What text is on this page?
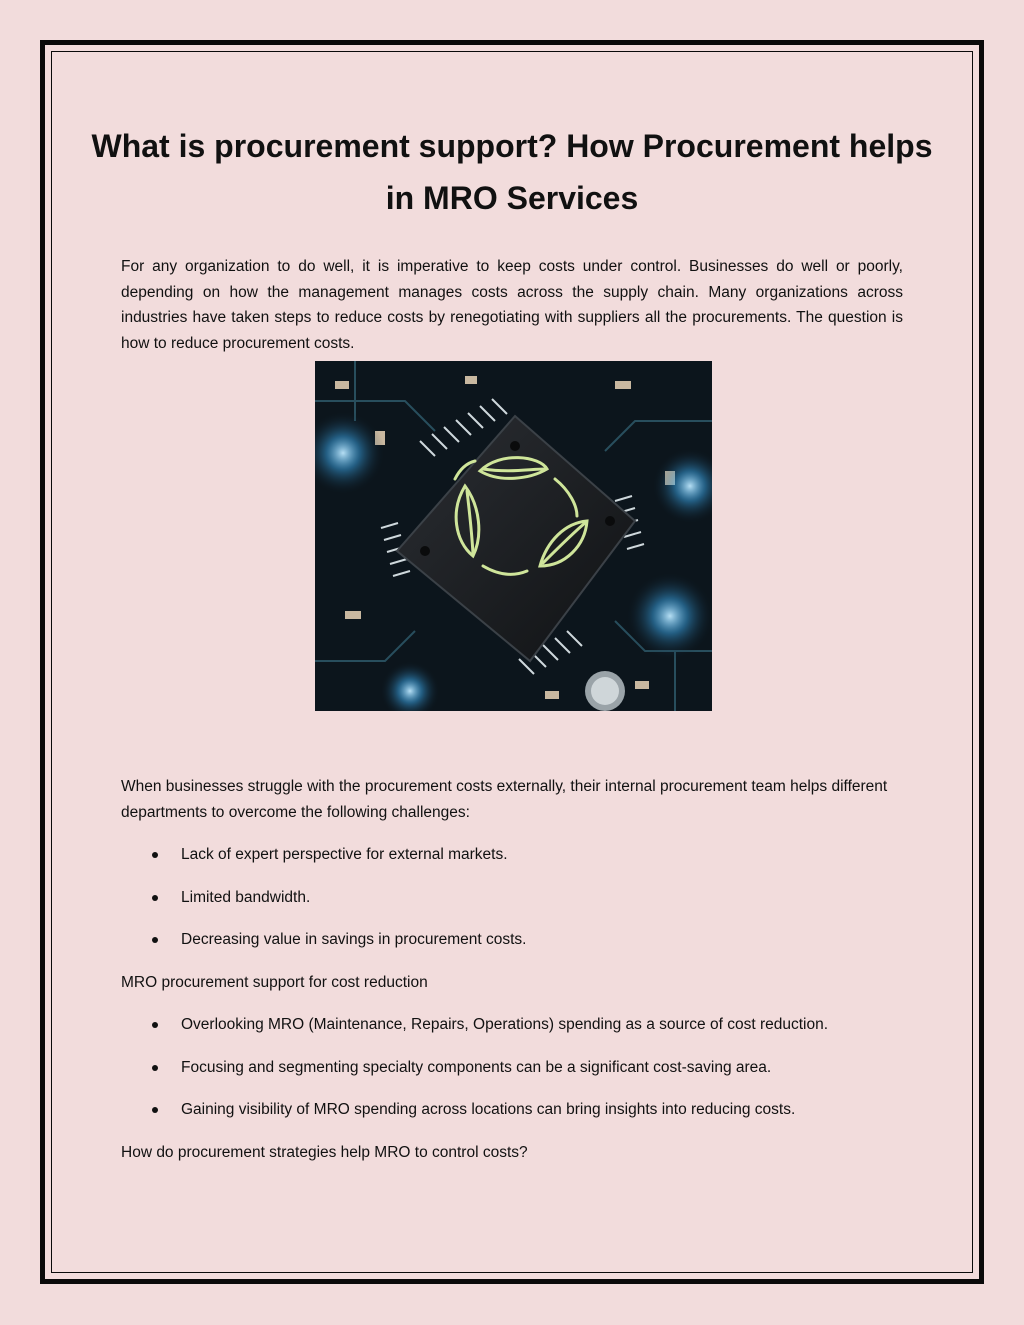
What is procurement support? How Procurement helps in MRO Services

For any organization to do well, it is imperative to keep costs under control. Businesses do well or poorly, depending on how the management manages costs across the supply chain. Many organizations across industries have taken steps to reduce costs by renegotiating with suppliers all the procurements. The question is how to reduce procurement costs.

When businesses struggle with the procurement costs externally, their internal procurement team helps different departments to overcome the following challenges:

Lack of expert perspective for external markets.
Limited bandwidth.
Decreasing value in savings in procurement costs.

MRO procurement support for cost reduction

Overlooking MRO (Maintenance, Repairs, Operations) spending as a source of cost reduction.
Focusing and segmenting specialty components can be a significant cost-saving area.
Gaining visibility of MRO spending across locations can bring insights into reducing costs.

How do procurement strategies help MRO to control costs?
